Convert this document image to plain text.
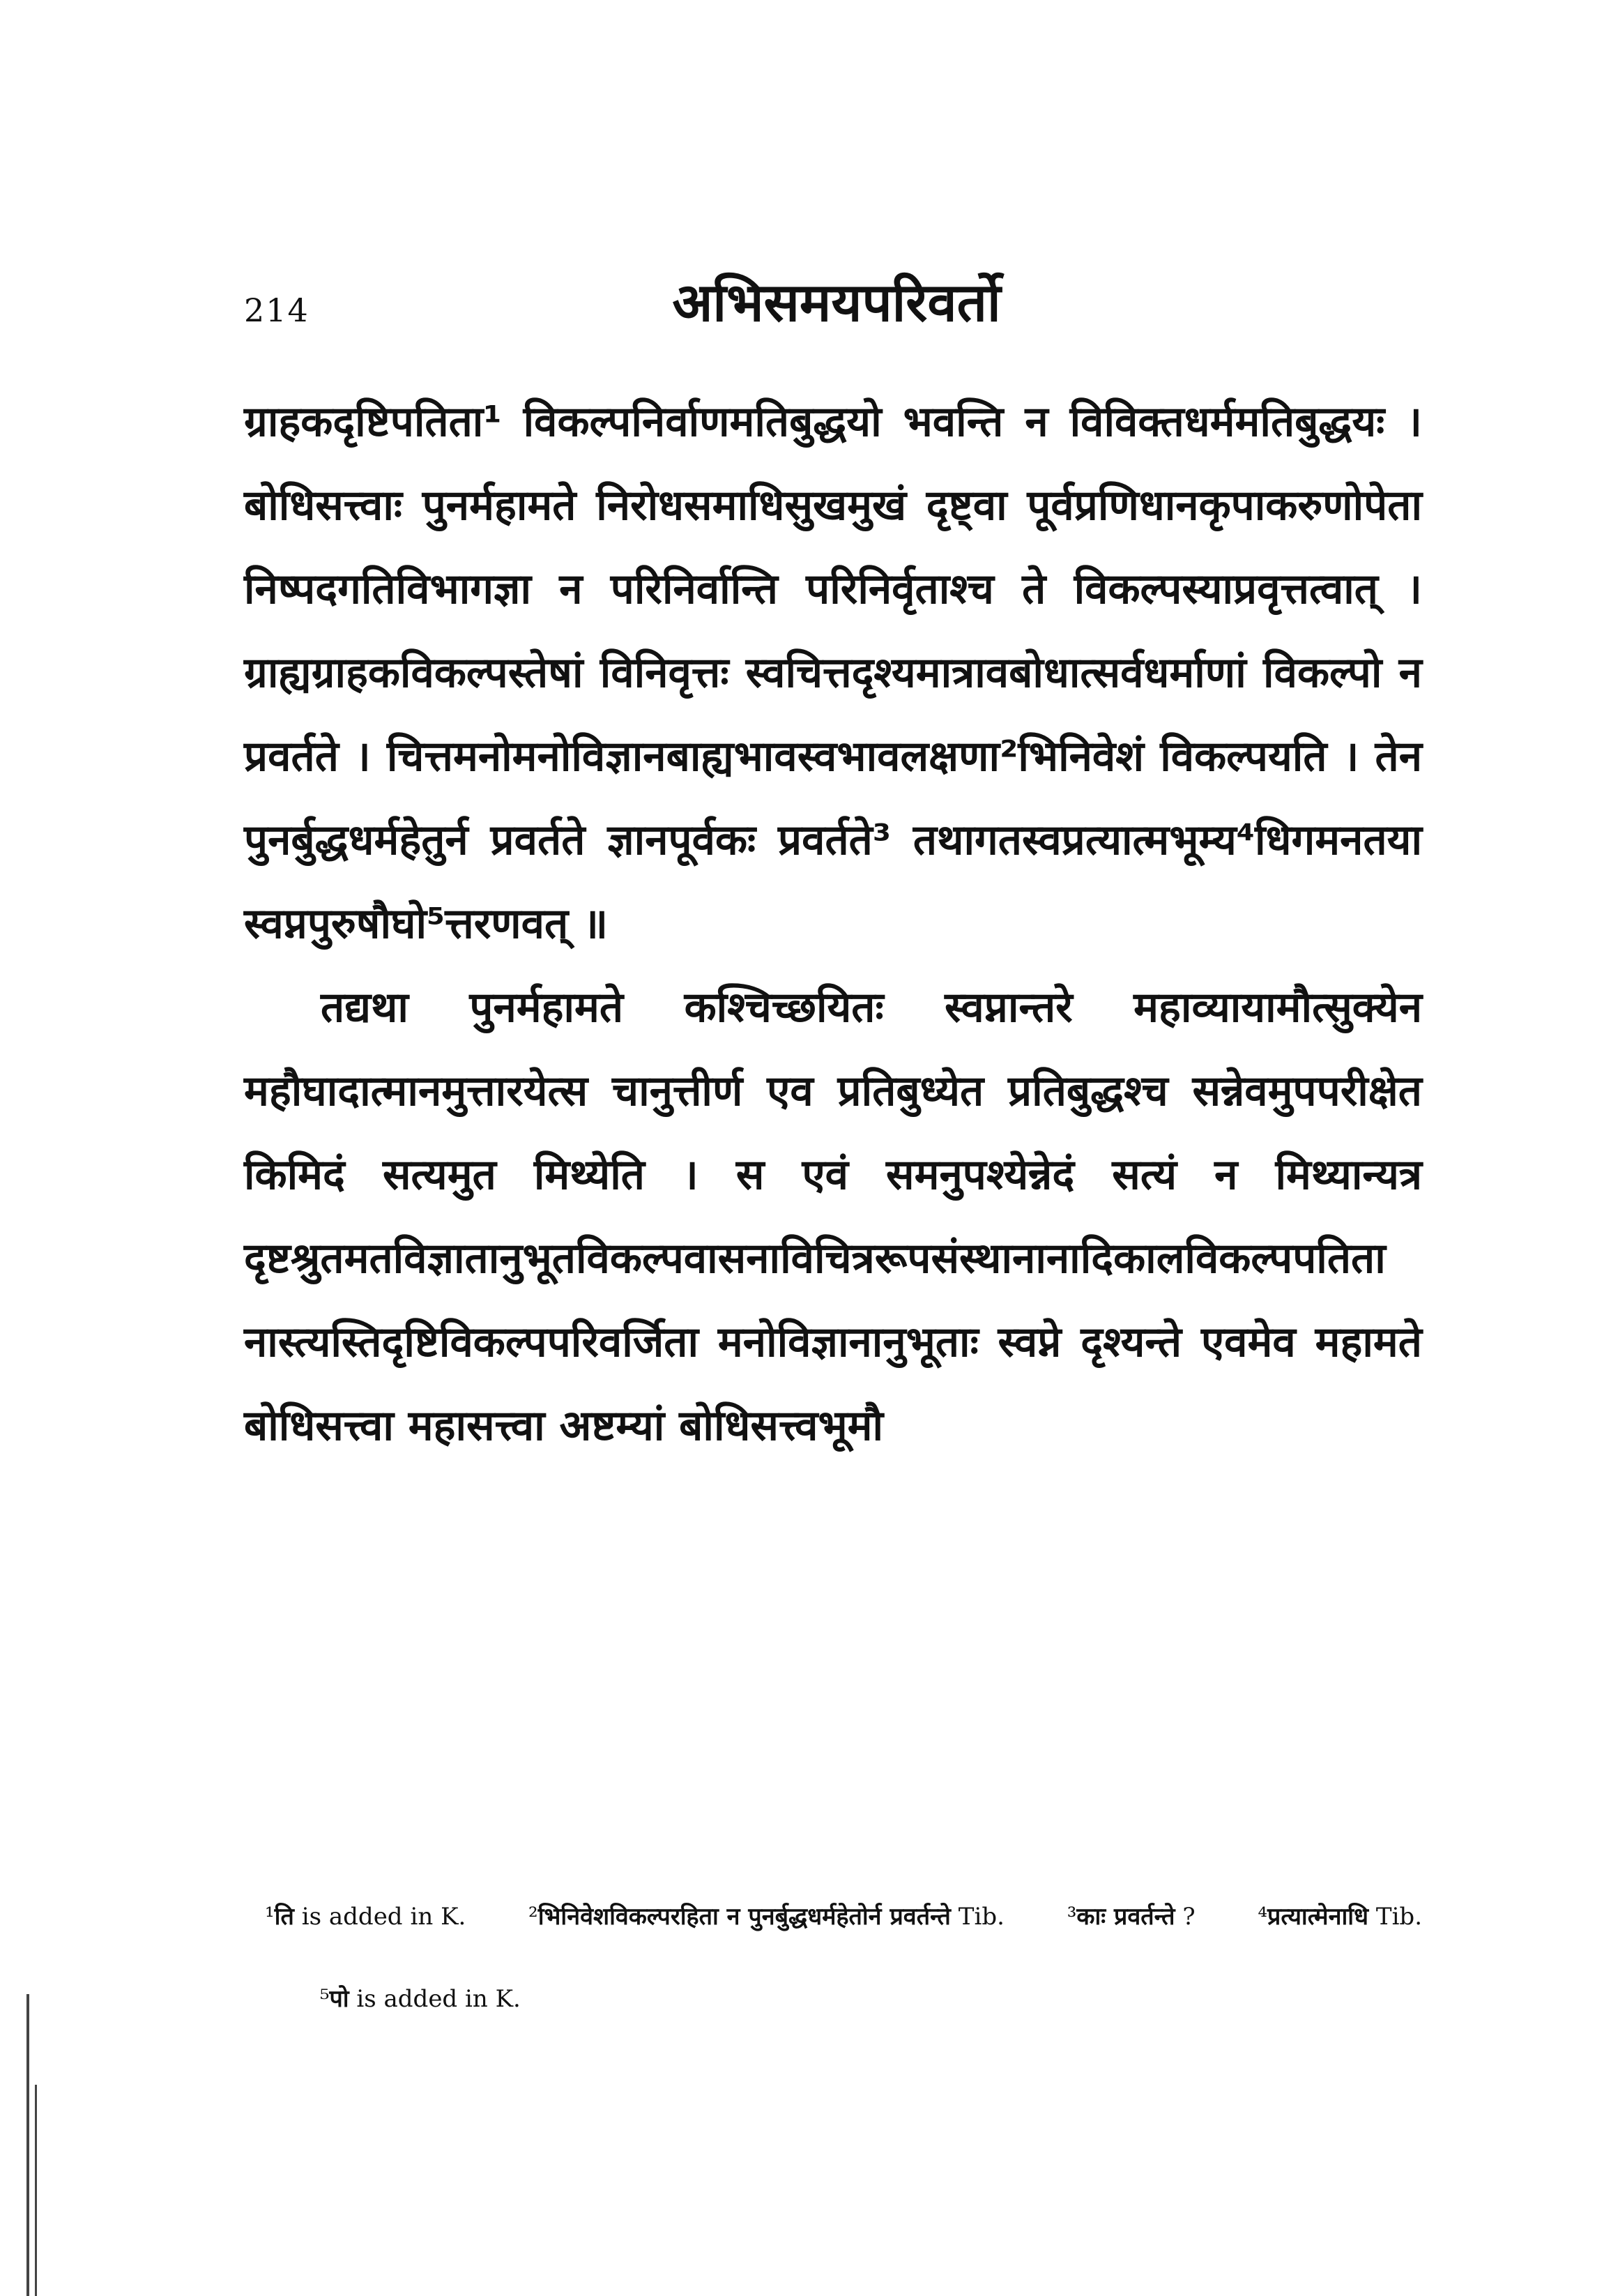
214	अभिसमयपरिवर्तो

ग्राहकदृष्टिपतिता¹ विकल्पनिर्वाणमतिबुद्धयो भवन्ति न विविक्तधर्ममतिबुद्धयः । बोधिसत्त्वाः पुनर्महामते निरोधसमाधिसुखमुखं दृष्ट्वा पूर्वप्रणिधानकृपाकरुणोपेता निष्पदगतिविभागज्ञा न परिनिर्वान्ति परिनिर्वृताश्च ते विकल्पस्याप्रवृत्तत्वात् । ग्राह्यग्राहकविकल्पस्तेषां विनिवृत्तः स्वचित्तदृश्यमात्रावबोधात्सर्वधर्माणां विकल्पो न प्रवर्तते । चित्तमनोमनोविज्ञानबाह्यभावस्वभावलक्षणा²भिनिवेशं विकल्पयति । तेन पुनर्बुद्धधर्महेतुर्न प्रवर्तते ज्ञानपूर्वकः प्रवर्तते³ तथागतस्वप्रत्यात्मभूम्य⁴धिगमनतया स्वप्नपुरुषौघो⁵त्तरणवत् ॥

तद्यथा पुनर्महामते कश्चिच्छयितः स्वप्नान्तरे महाव्यायामौत्सुक्येन महौघादात्मानमुत्तारयेत्स चानुत्तीर्ण एव प्रतिबुध्येत प्रतिबुद्धश्च सन्नेवमुपपरीक्षेत किमिदं सत्यमुत मिथ्येति । स एवं समनुपश्येन्नेदं सत्यं न मिथ्यान्यत्र दृष्टश्रुतमतविज्ञातानुभूतविकल्पवासनाविचित्ररूपसंस्थानानादिकालविकल्पपतिता नास्त्यस्तिदृष्टिविकल्पपरिवर्जिता मनोविज्ञानानुभूताः स्वप्ने दृश्यन्ते एवमेव महामते बोधिसत्त्वा महासत्त्वा अष्टम्यां बोधिसत्त्वभूमौ

¹ति is added in K.   	²भिनिवेशविकल्परहिता न पुनर्बुद्धधर्महेतोर्न प्रवर्तन्ते Tib.   	³काः प्रवर्तन्ते ?   	⁴प्रत्यात्मेनाधि Tib.    ⁵पो is added in K.
